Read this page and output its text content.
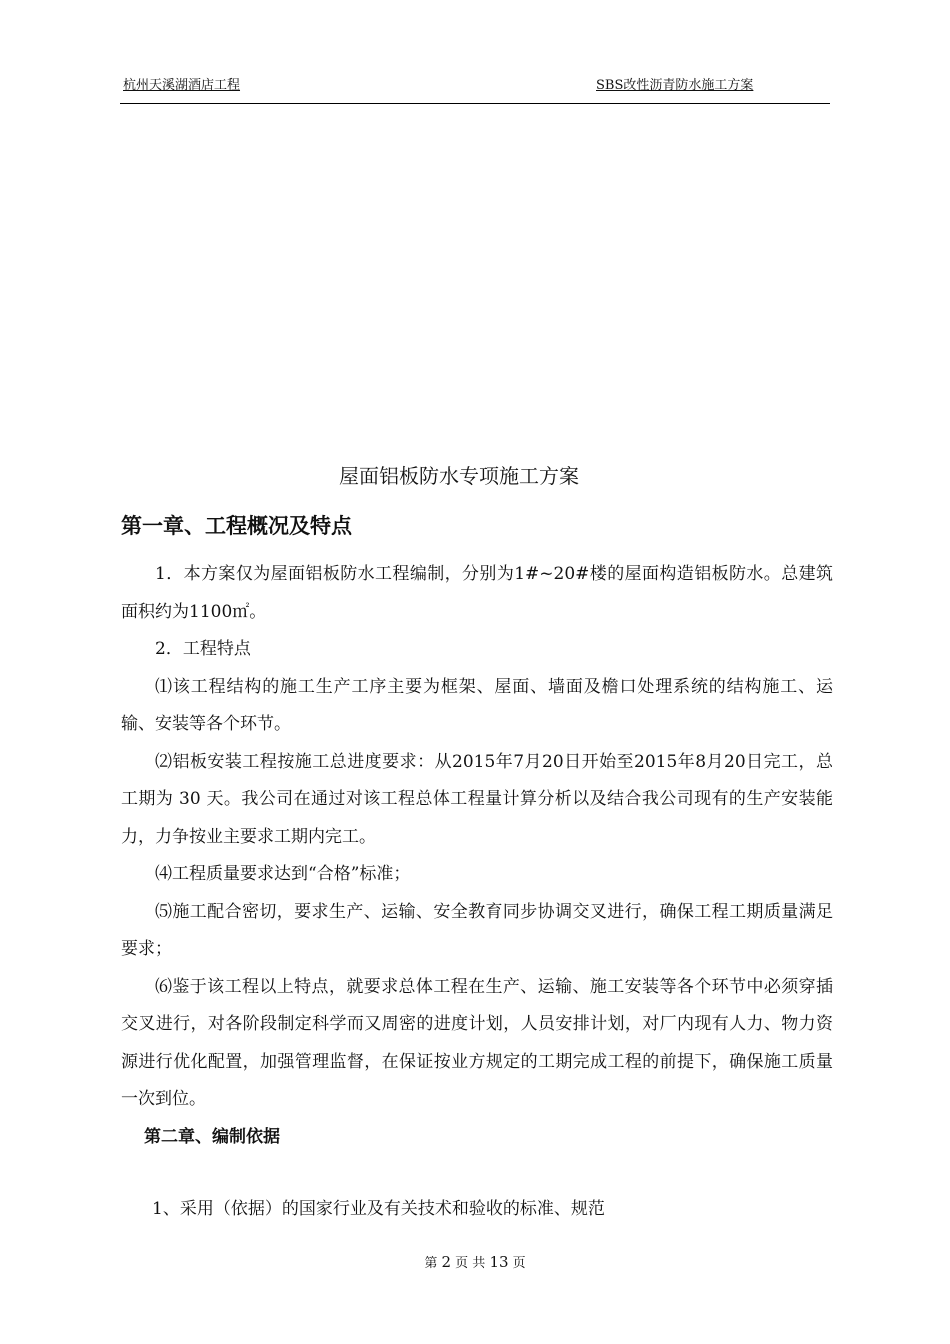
杭州天溪湖酒店工程	SBS改性沥青防水施工方案
屋面铝板防水专项施工方案
第一章、工程概况及特点

1．本方案仅为屋面铝板防水工程编制，分别为1#~20#楼的屋面构造铝板防水。总建筑面积约为1100㎡。

2．工程特点

⑴该工程结构的施工生产工序主要为框架、屋面、墙面及檐口处理系统的结构施工、运输、安装等各个环节。

⑵铝板安装工程按施工总进度要求：从2015年7月20日开始至2015年8月20日完工，总工期为 30 天。我公司在通过对该工程总体工程量计算分析以及结合我公司现有的生产安装能力，力争按业主要求工期内完工。

⑷工程质量要求达到“合格”标准；

⑸施工配合密切，要求生产、运输、安全教育同步协调交叉进行，确保工程工期质量满足要求；

⑹鉴于该工程以上特点，就要求总体工程在生产、运输、施工安装等各个环节中必须穿插交叉进行，对各阶段制定科学而又周密的进度计划，人员安排计划，对厂内现有人力、物力资源进行优化配置，加强管理监督，在保证按业方规定的工期完成工程的前提下，确保施工质量一次到位。

第二章、编制依据
1、采用（依据）的国家行业及有关技术和验收的标准、规范
第 2 页 共 13 页
